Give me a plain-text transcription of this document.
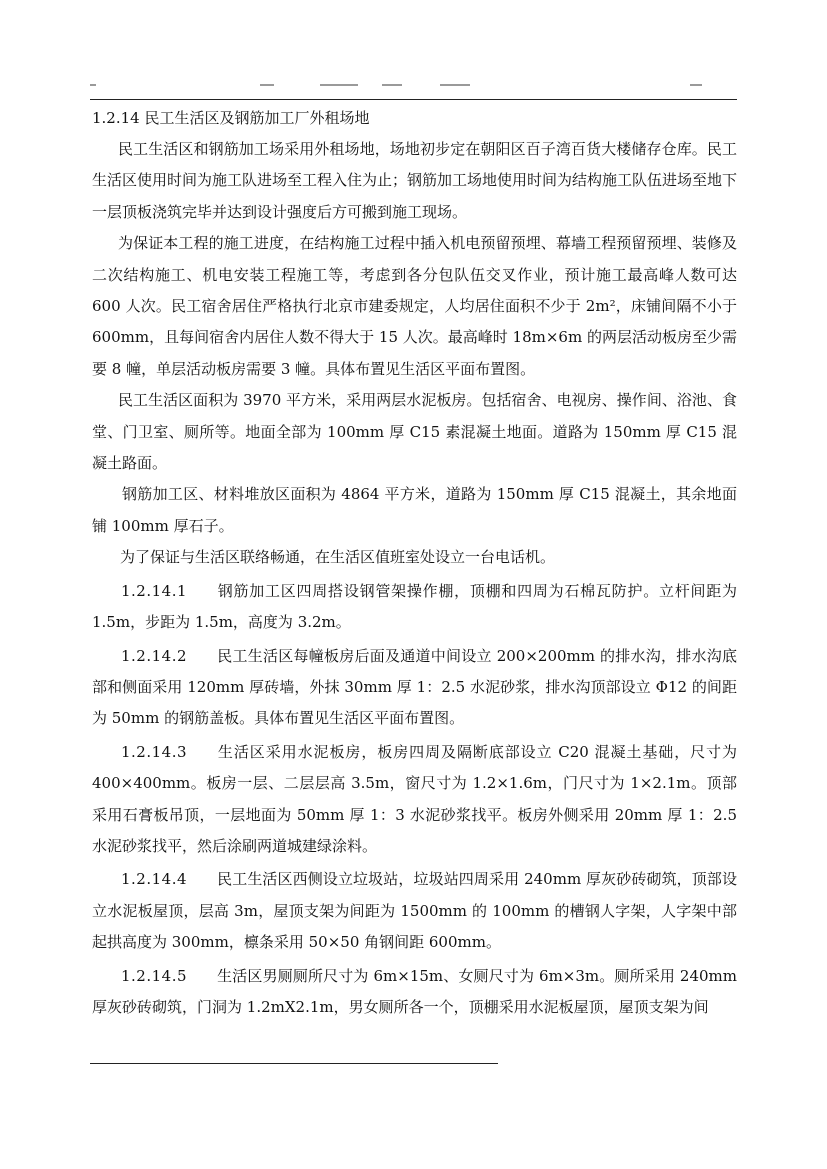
1.2.14 民工生活区及钢筋加工厂外租场地

民工生活区和钢筋加工场采用外租场地，场地初步定在朝阳区百子湾百货大楼储存仓库。民工生活区使用时间为施工队进场至工程入住为止；钢筋加工场地使用时间为结构施工队伍进场至地下一层顶板浇筑完毕并达到设计强度后方可搬到施工现场。

为保证本工程的施工进度，在结构施工过程中插入机电预留预埋、幕墙工程预留预埋、装修及二次结构施工、机电安装工程施工等，考虑到各分包队伍交叉作业，预计施工最高峰人数可达 600 人次。民工宿舍居住严格执行北京市建委规定，人均居住面积不少于 2m²，床铺间隔不小于 600mm，且每间宿舍内居住人数不得大于 15 人次。最高峰时 18m×6m 的两层活动板房至少需要 8 幢，单层活动板房需要 3 幢。具体布置见生活区平面布置图。

民工生活区面积为 3970 平方米，采用两层水泥板房。包括宿舍、电视房、操作间、浴池、食堂、门卫室、厕所等。地面全部为 100mm 厚 C15 素混凝土地面。道路为 150mm 厚 C15 混凝土路面。

钢筋加工区、材料堆放区面积为 4864 平方米，道路为 150mm 厚 C15 混凝土，其余地面铺 100mm 厚石子。

为了保证与生活区联络畅通，在生活区值班室处设立一台电话机。

1.2.14.1 钢筋加工区四周搭设钢管架操作棚，顶棚和四周为石棉瓦防护。立杆间距为 1.5m，步距为 1.5m，高度为 3.2m。

1.2.14.2 民工生活区每幢板房后面及通道中间设立 200×200mm 的排水沟，排水沟底部和侧面采用 120mm 厚砖墙，外抹 30mm 厚 1：2.5 水泥砂浆，排水沟顶部设立 Φ12 的间距为 50mm 的钢筋盖板。具体布置见生活区平面布置图。

1.2.14.3 生活区采用水泥板房，板房四周及隔断底部设立 C20 混凝土基础，尺寸为 400×400mm。板房一层、二层层高 3.5m，窗尺寸为 1.2×1.6m，门尺寸为 1×2.1m。顶部采用石膏板吊顶，一层地面为 50mm 厚 1：3 水泥砂浆找平。板房外侧采用 20mm 厚 1：2.5 水泥砂浆找平，然后涂刷两道城建绿涂料。

1.2.14.4 民工生活区西侧设立垃圾站，垃圾站四周采用 240mm 厚灰砂砖砌筑，顶部设立水泥板屋顶，层高 3m，屋顶支架为间距为 1500mm 的 100mm 的槽钢人字架，人字架中部起拱高度为 300mm，檩条采用 50×50 角钢间距 600mm。

1.2.14.5 生活区男厕厕所尺寸为 6m×15m、女厕尺寸为 6m×3m。厕所采用 240mm 厚灰砂砖砌筑，门洞为 1.2mX2.1m，男女厕所各一个，顶棚采用水泥板屋顶，屋顶支架为间
